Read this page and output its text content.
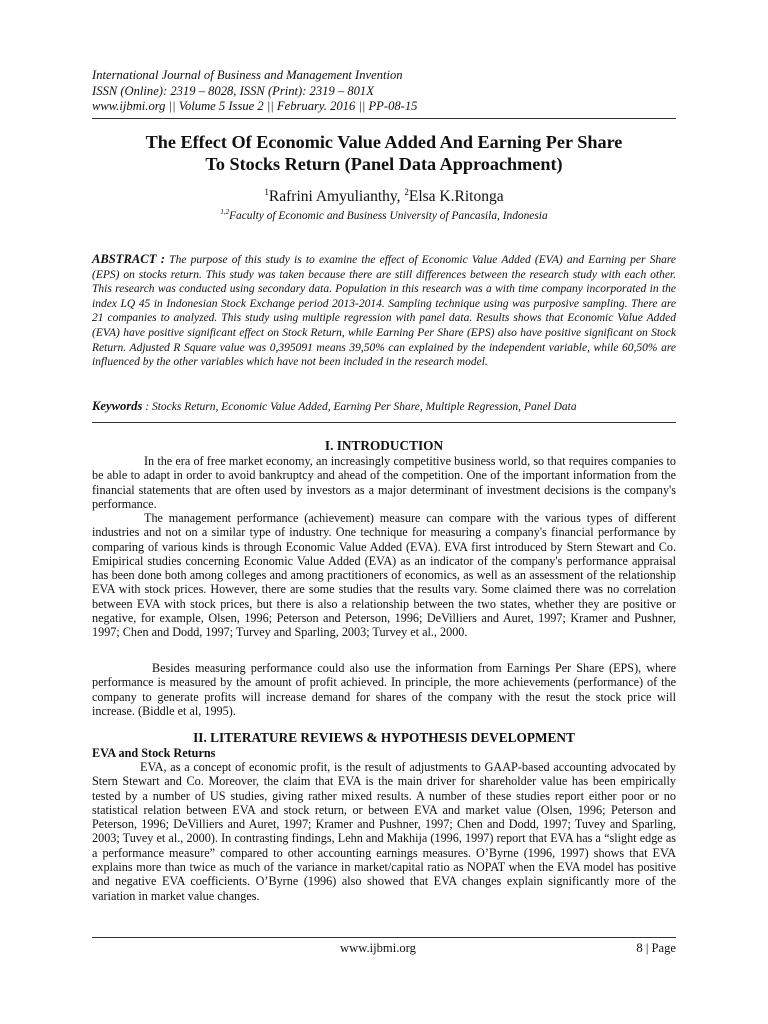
International Journal of Business and Management Invention
ISSN (Online): 2319 – 8028, ISSN (Print): 2319 – 801X
www.ijbmi.org || Volume 5 Issue 2 || February. 2016 || PP-08-15
The Effect Of Economic Value Added And Earning Per Share
To Stocks Return (Panel Data Approachment)
$^1$Rafrini Amyulianthy, $^2$Elsa K.Ritonga
$^{1,2}$Faculty of Economic and Business University of Pancasila, Indonesia
ABSTRACT : The purpose of this study is to examine the effect of Economic Value Added (EVA) and Earning per Share (EPS) on stocks return. This study was taken because there are still differences between the research study with each other. This research was conducted using secondary data. Population in this research was a with time company incorporated in the index LQ 45 in Indonesian Stock Exchange period 2013-2014. Sampling technique using was purposive sampling. There are 21 companies to analyzed. This study using multiple regression with panel data. Results shows that Economic Value Added (EVA) have positive significant effect on Stock Return, while Earning Per Share (EPS) also have positive significant on Stock Return. Adjusted R Square value was 0,395091 means 39,50% can explained by the independent variable, while 60,50% are influenced by the other variables which have not been included in the research model.
Keywords : Stocks Return, Economic Value Added, Earning Per Share, Multiple Regression, Panel Data
I. INTRODUCTION
In the era of free market economy, an increasingly competitive business world, so that requires companies to be able to adapt in order to avoid bankruptcy and ahead of the competition. One of the important information from the financial statements that are often used by investors as a major determinant of investment decisions is the company's performance.
The management performance (achievement) measure can compare with the various types of different industries and not on a similar type of industry. One technique for measuring a company's financial performance by comparing of various kinds is through Economic Value Added (EVA). EVA first introduced by Stern Stewart and Co. Emipirical studies concerning Economic Value Added (EVA) as an indicator of the company's performance appraisal has been done both among colleges and among practitioners of economics, as well as an assessment of the relationship EVA with stock prices. However, there are some studies that the results vary. Some claimed there was no correlation between EVA with stock prices, but there is also a relationship between the two states, whether they are positive or negative, for example, Olsen, 1996; Peterson and Peterson, 1996; DeVilliers and Auret, 1997; Kramer and Pushner, 1997; Chen and Dodd, 1997; Turvey and Sparling, 2003; Turvey et al., 2000.
Besides measuring performance could also use the information from Earnings Per Share (EPS), where performance is measured by the amount of profit achieved. In principle, the more achievements (performance) of the company to generate profits will increase demand for shares of the company with the resut the stock price will increase. (Biddle et al, 1995).
II. LITERATURE REVIEWS & HYPOTHESIS DEVELOPMENT
EVA and Stock Returns
EVA, as a concept of economic profit, is the result of adjustments to GAAP-based accounting advocated by Stern Stewart and Co. Moreover, the claim that EVA is the main driver for shareholder value has been empirically tested by a number of US studies, giving rather mixed results. A number of these studies report either poor or no statistical relation between EVA and stock return, or between EVA and market value (Olsen, 1996; Peterson and Peterson, 1996; DeVilliers and Auret, 1997; Kramer and Pushner, 1997; Chen and Dodd, 1997; Tuvey and Sparling, 2003; Tuvey et al., 2000). In contrasting findings, Lehn and Makhija (1996, 1997) report that EVA has a “slight edge as a performance measure” compared to other accounting earnings measures. O’Byrne (1996, 1997) shows that EVA explains more than twice as much of the variance in market/capital ratio as NOPAT when the EVA model has positive and negative EVA coefficients. O’Byrne (1996) also showed that EVA changes explain significantly more of the variation in market value changes.
www.ijbmi.org	8 | Page
